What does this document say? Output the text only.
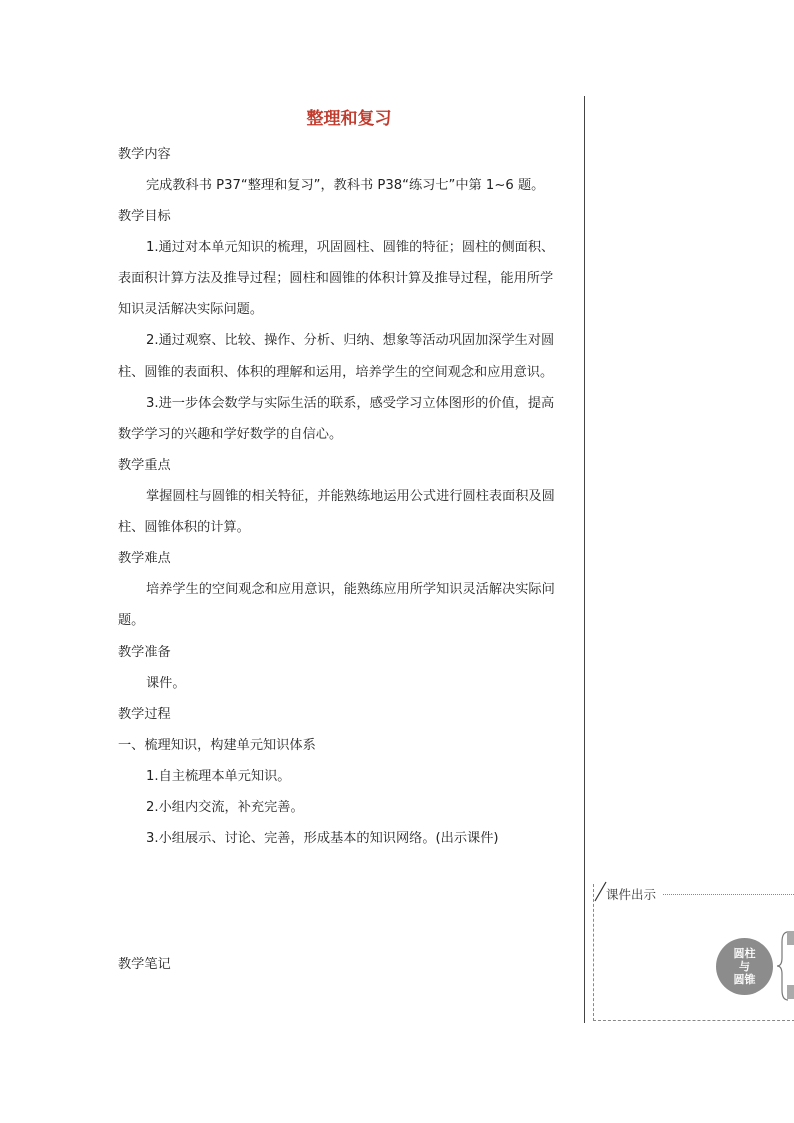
整理和复习
教学内容
完成教科书 P37“整理和复习”，教科书 P38“练习七”中第 1~6 题。
教学目标
1.通过对本单元知识的梳理，巩固圆柱、圆锥的特征；圆柱的侧面积、
表面积计算方法及推导过程；圆柱和圆锥的体积计算及推导过程，能用所学
知识灵活解决实际问题。
2.通过观察、比较、操作、分析、归纳、想象等活动巩固加深学生对圆
柱、圆锥的表面积、体积的理解和运用，培养学生的空间观念和应用意识。
3.进一步体会数学与实际生活的联系，感受学习立体图形的价值，提高
数学学习的兴趣和学好数学的自信心。
教学重点
掌握圆柱与圆锥的相关特征，并能熟练地运用公式进行圆柱表面积及圆
柱、圆锥体积的计算。
教学难点
培养学生的空间观念和应用意识，能熟练应用所学知识灵活解决实际问
题。
教学准备
课件。
教学过程
一、梳理知识，构建单元知识体系
1.自主梳理本单元知识。
2.小组内交流，补充完善。
3.小组展示、讨论、完善，形成基本的知识网络。(出示课件)
教学笔记
课件出示
圆柱
与
圆锥
